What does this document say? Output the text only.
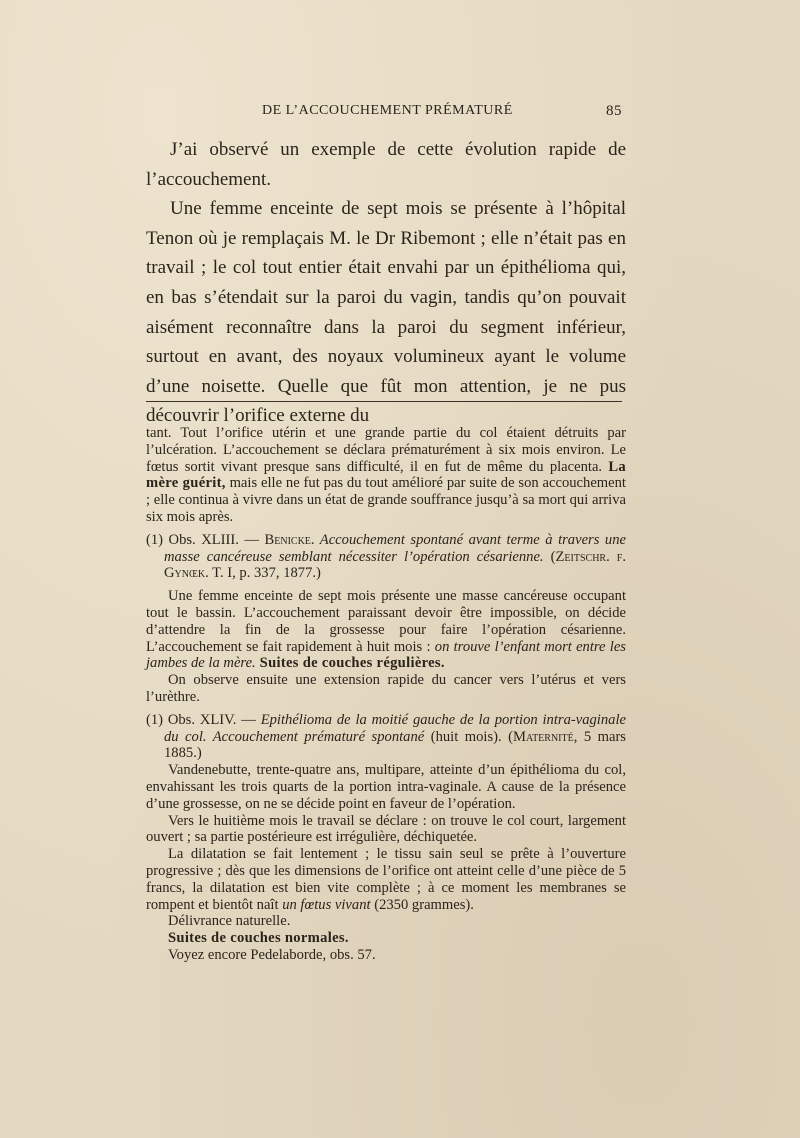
DE L’ACCOUCHEMENT PRÉMATURÉ	85

J’ai observé un exemple de cette évolution rapide de l’accouchement.

Une femme enceinte de sept mois se présente à l’hôpital Tenon où je remplaçais M. le Dr Ribemont ; elle n’était pas en travail ; le col tout entier était envahi par un épithélioma qui, en bas s’étendait sur la paroi du vagin, tandis qu’on pouvait aisément reconnaître dans la paroi du segment inférieur, surtout en avant, des noyaux volumineux ayant le volume d’une noisette. Quelle que fût mon attention, je ne pus découvrir l’orifice externe du

tant. Tout l’orifice utérin et une grande partie du col étaient détruits par l’ulcération. L’accouchement se déclara prématurément à six mois environ. Le fœtus sortit vivant presque sans difficulté, il en fut de même du placenta. La mère guérit, mais elle ne fut pas du tout amélioré par suite de son accouchement ; elle continua à vivre dans un état de grande souffrance jusqu’à sa mort qui arriva six mois après.

(1) Obs. XLIII. — Benicke. Accouchement spontané avant terme à travers une masse cancéreuse semblant nécessiter l’opération césarienne. (Zeitschr. f. Gynœk. T. I, p. 337, 1877.)

Une femme enceinte de sept mois présente une masse cancéreuse occupant tout le bassin. L’accouchement paraissant devoir être impossible, on décide d’attendre la fin de la grossesse pour faire l’opération césarienne. L’accouchement se fait rapidement à huit mois : on trouve l’enfant mort entre les jambes de la mère. Suites de couches régulières.

On observe ensuite une extension rapide du cancer vers l’utérus et vers l’urèthre.

(1) Obs. XLIV. — Epithélioma de la moitié gauche de la portion intra-vaginale du col. Accouchement prématuré spontané (huit mois). (Maternité, 5 mars 1885.)

Vandenebutte, trente-quatre ans, multipare, atteinte d’un épithélioma du col, envahissant les trois quarts de la portion intra-vaginale. A cause de la présence d’une grossesse, on ne se décide point en faveur de l’opération.

Vers le huitième mois le travail se déclare : on trouve le col court, largement ouvert ; sa partie postérieure est irrégulière, déchiquetée.

La dilatation se fait lentement ; le tissu sain seul se prête à l’ouverture progressive ; dès que les dimensions de l’orifice ont atteint celle d’une pièce de 5 francs, la dilatation est bien vite complète ; à ce moment les membranes se rompent et bientôt naît un fœtus vivant (2350 grammes).

Délivrance naturelle.

Suites de couches normales.

Voyez encore Pedelaborde, obs. 57.
